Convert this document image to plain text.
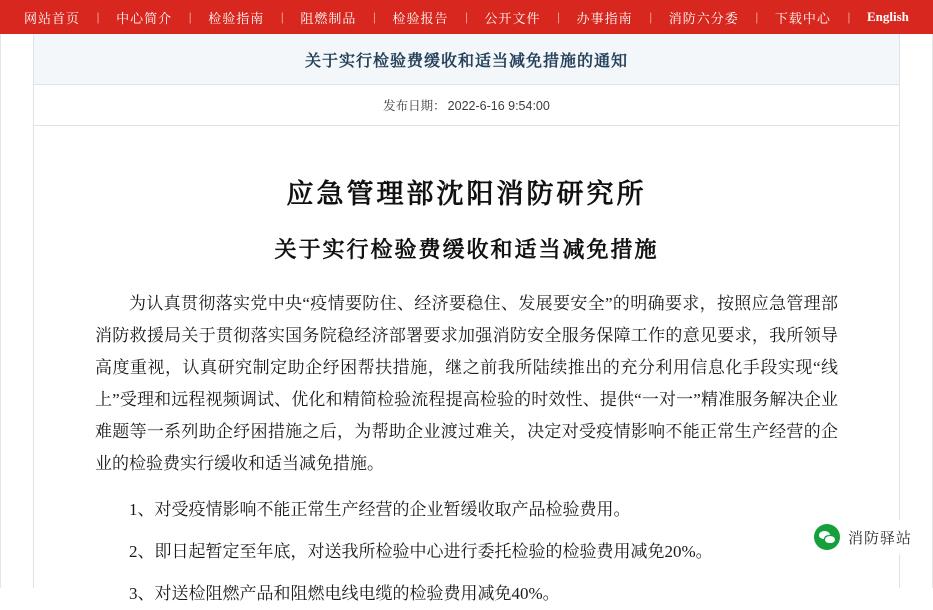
网站首页	|	中心简介	|	检验指南	|	阻燃制品	|	检验报告	|	公开文件	|	办事指南	|	消防六分委	|	下载中心	|	English
关于实行检验费缓收和适当减免措施的通知
发布日期： 2022-6-16 9:54:00
应急管理部沈阳消防研究所
关于实行检验费缓收和适当减免措施

为认真贯彻落实党中央“疫情要防住、经济要稳住、发展要安全”的明确要求，按照应急管理部消防救援局关于贯彻落实国务院稳经济部署要求加强消防安全服务保障工作的意见要求，我所领导高度重视，认真研究制定助企纾困帮扶措施，继之前我所陆续推出的充分利用信息化手段实现“线上”受理和远程视频调试、优化和精简检验流程提高检验的时效性、提供“一对一”精准服务解决企业难题等一系列助企纾困措施之后，为帮助企业渡过难关，决定对受疫情影响不能正常生产经营的企业的检验费实行缓收和适当减免措施。

1、对受疫情影响不能正常生产经营的企业暂缓收取产品检验费用。

2、即日起暂定至年底，对送我所检验中心进行委托检验的检验费用减免20%。

3、对送检阻燃产品和阻燃电线电缆的检验费用减免40%。

消防驿站
